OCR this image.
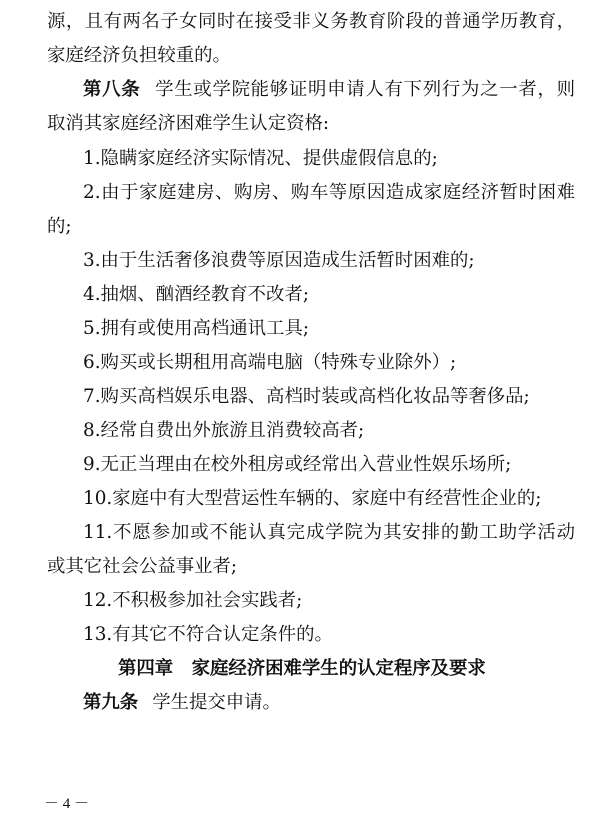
源，且有两名子女同时在接受非义务教育阶段的普通学历教育，
家庭经济负担较重的。
第八条 学生或学院能够证明申请人有下列行为之一者，则
取消其家庭经济困难学生认定资格:
1.隐瞒家庭经济实际情况、提供虚假信息的;
2.由于家庭建房、购房、购车等原因造成家庭经济暂时困难
的;
3.由于生活奢侈浪费等原因造成生活暂时困难的;
4.抽烟、酗酒经教育不改者;
5.拥有或使用高档通讯工具;
6.购买或长期租用高端电脑（特殊专业除外）;
7.购买高档娱乐电器、高档时装或高档化妆品等奢侈品;
8.经常自费出外旅游且消费较高者;
9.无正当理由在校外租房或经常出入营业性娱乐场所;
10.家庭中有大型营运性车辆的、家庭中有经营性企业的;
11.不愿参加或不能认真完成学院为其安排的勤工助学活动
或其它社会公益事业者;
12.不积极参加社会实践者;
13.有其它不符合认定条件的。
第四章　家庭经济困难学生的认定程序及要求
第九条 学生提交申请。
－ 4 －
